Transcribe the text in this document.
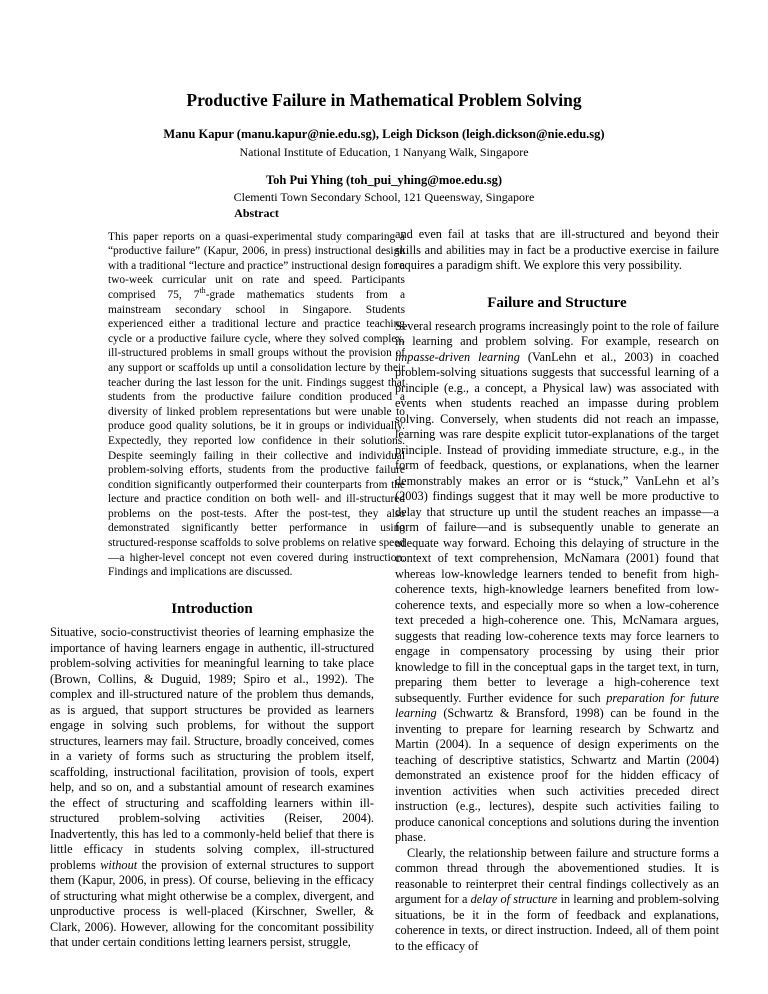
Productive Failure in Mathematical Problem Solving
Manu Kapur (manu.kapur@nie.edu.sg), Leigh Dickson (leigh.dickson@nie.edu.sg)
National Institute of Education, 1 Nanyang Walk, Singapore
Toh Pui Yhing (toh_pui_yhing@moe.edu.sg)
Clementi Town Secondary School, 121 Queensway, Singapore
Abstract

This paper reports on a quasi-experimental study comparing a “productive failure” (Kapur, 2006, in press) instructional design with a traditional “lecture and practice” instructional design for a two-week curricular unit on rate and speed. Participants comprised 75, 7th-grade mathematics students from a mainstream secondary school in Singapore. Students experienced either a traditional lecture and practice teaching cycle or a productive failure cycle, where they solved complex, ill-structured problems in small groups without the provision of any support or scaffolds up until a consolidation lecture by their teacher during the last lesson for the unit. Findings suggest that students from the productive failure condition produced a diversity of linked problem representations but were unable to produce good quality solutions, be it in groups or individually. Expectedly, they reported low confidence in their solutions. Despite seemingly failing in their collective and individual problem-solving efforts, students from the productive failure condition significantly outperformed their counterparts from the lecture and practice condition on both well- and ill-structured problems on the post-tests. After the post-test, they also demonstrated significantly better performance in using structured-response scaffolds to solve problems on relative speed—a higher-level concept not even covered during instruction. Findings and implications are discussed.

Introduction

Situative, socio-constructivist theories of learning emphasize the importance of having learners engage in authentic, ill-structured problem-solving activities for meaningful learning to take place (Brown, Collins, & Duguid, 1989; Spiro et al., 1992). The complex and ill-structured nature of the problem thus demands, as is argued, that support structures be provided as learners engage in solving such problems, for without the support structures, learners may fail. Structure, broadly conceived, comes in a variety of forms such as structuring the problem itself, scaffolding, instructional facilitation, provision of tools, expert help, and so on, and a substantial amount of research examines the effect of structuring and scaffolding learners within ill-structured problem-solving activities (Reiser, 2004). Inadvertently, this has led to a commonly-held belief that there is little efficacy in students solving complex, ill-structured problems without the provision of external structures to support them (Kapur, 2006, in press). Of course, believing in the efficacy of structuring what might otherwise be a complex, divergent, and unproductive process is well-placed (Kirschner, Sweller, & Clark, 2006). However, allowing for the concomitant possibility that under certain conditions letting learners persist, struggle,

and even fail at tasks that are ill-structured and beyond their skills and abilities may in fact be a productive exercise in failure requires a paradigm shift. We explore this very possibility.

Failure and Structure

Several research programs increasingly point to the role of failure in learning and problem solving. For example, research on impasse-driven learning (VanLehn et al., 2003) in coached problem-solving situations suggests that successful learning of a principle (e.g., a concept, a Physical law) was associated with events when students reached an impasse during problem solving. Conversely, when students did not reach an impasse, learning was rare despite explicit tutor-explanations of the target principle. Instead of providing immediate structure, e.g., in the form of feedback, questions, or explanations, when the learner demonstrably makes an error or is “stuck,” VanLehn et al’s (2003) findings suggest that it may well be more productive to delay that structure up until the student reaches an impasse—a form of failure—and is subsequently unable to generate an adequate way forward. Echoing this delaying of structure in the context of text comprehension, McNamara (2001) found that whereas low-knowledge learners tended to benefit from high-coherence texts, high-knowledge learners benefited from low-coherence texts, and especially more so when a low-coherence text preceded a high-coherence one. This, McNamara argues, suggests that reading low-coherence texts may force learners to engage in compensatory processing by using their prior knowledge to fill in the conceptual gaps in the target text, in turn, preparing them better to leverage a high-coherence text subsequently. Further evidence for such preparation for future learning (Schwartz & Bransford, 1998) can be found in the inventing to prepare for learning research by Schwartz and Martin (2004). In a sequence of design experiments on the teaching of descriptive statistics, Schwartz and Martin (2004) demonstrated an existence proof for the hidden efficacy of invention activities when such activities preceded direct instruction (e.g., lectures), despite such activities failing to produce canonical conceptions and solutions during the invention phase.

Clearly, the relationship between failure and structure forms a common thread through the abovementioned studies. It is reasonable to reinterpret their central findings collectively as an argument for a delay of structure in learning and problem-solving situations, be it in the form of feedback and explanations, coherence in texts, or direct instruction. Indeed, all of them point to the efficacy of
